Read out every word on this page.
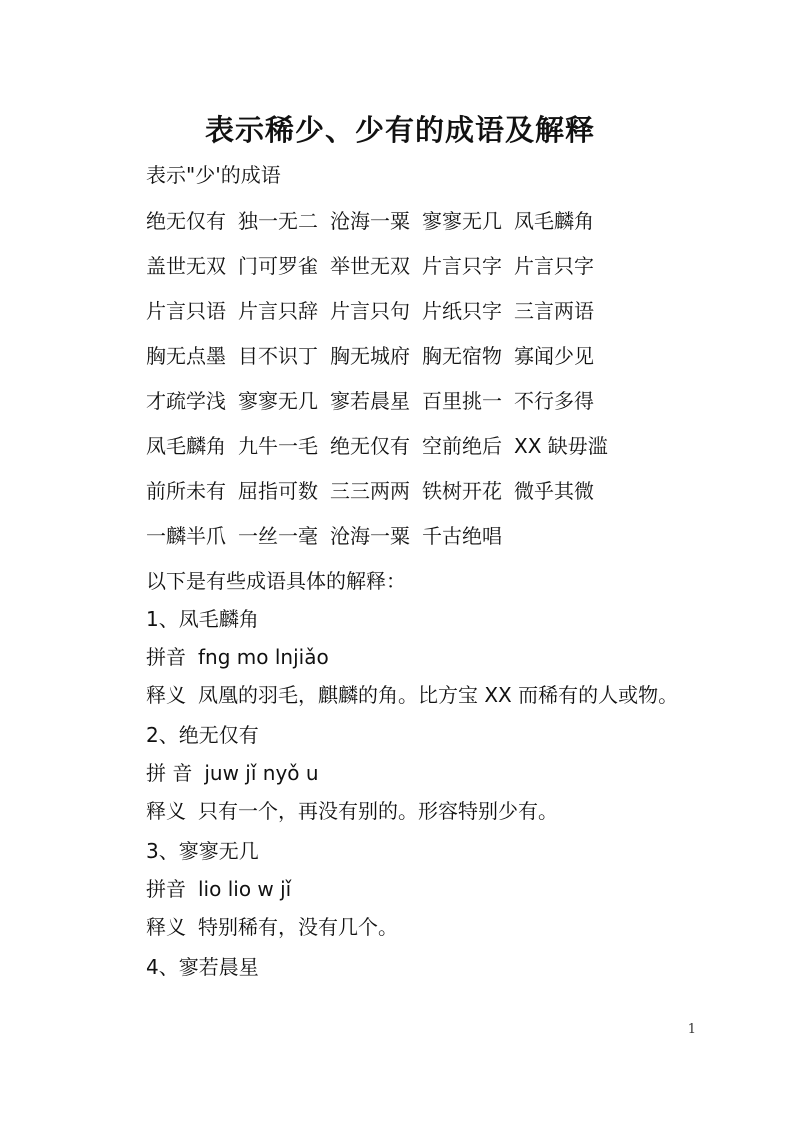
表示稀少、少有的成语及解释
表示"少'的成语
绝无仅有 独一无二 沧海一粟 寥寥无几 凤毛麟角
盖世无双 门可罗雀 举世无双 片言只字 片言只字
片言只语 片言只辞 片言只句 片纸只字 三言两语
胸无点墨 目不识丁 胸无城府 胸无宿物 寡闻少见
才疏学浅 寥寥无几 寥若晨星 百里挑一 不行多得
凤毛麟角 九牛一毛 绝无仅有 空前绝后 XX 缺毋滥
前所未有 屈指可数 三三两两 铁树开花 微乎其微
一麟半爪 一丝一毫 沧海一粟 千古绝唱
以下是有些成语具体的解释：
1、凤毛麟角
拼音 fng mo lnjiǎo
释义 凤凰的羽毛，麒麟的角。比方宝 XX 而稀有的人或物。
2、绝无仅有
拼 音 juw jǐ nyǒ u
释义 只有一个，再没有别的。形容特别少有。
3、寥寥无几
拼音 lio lio w jǐ
释义 特别稀有，没有几个。
4、寥若晨星
1
